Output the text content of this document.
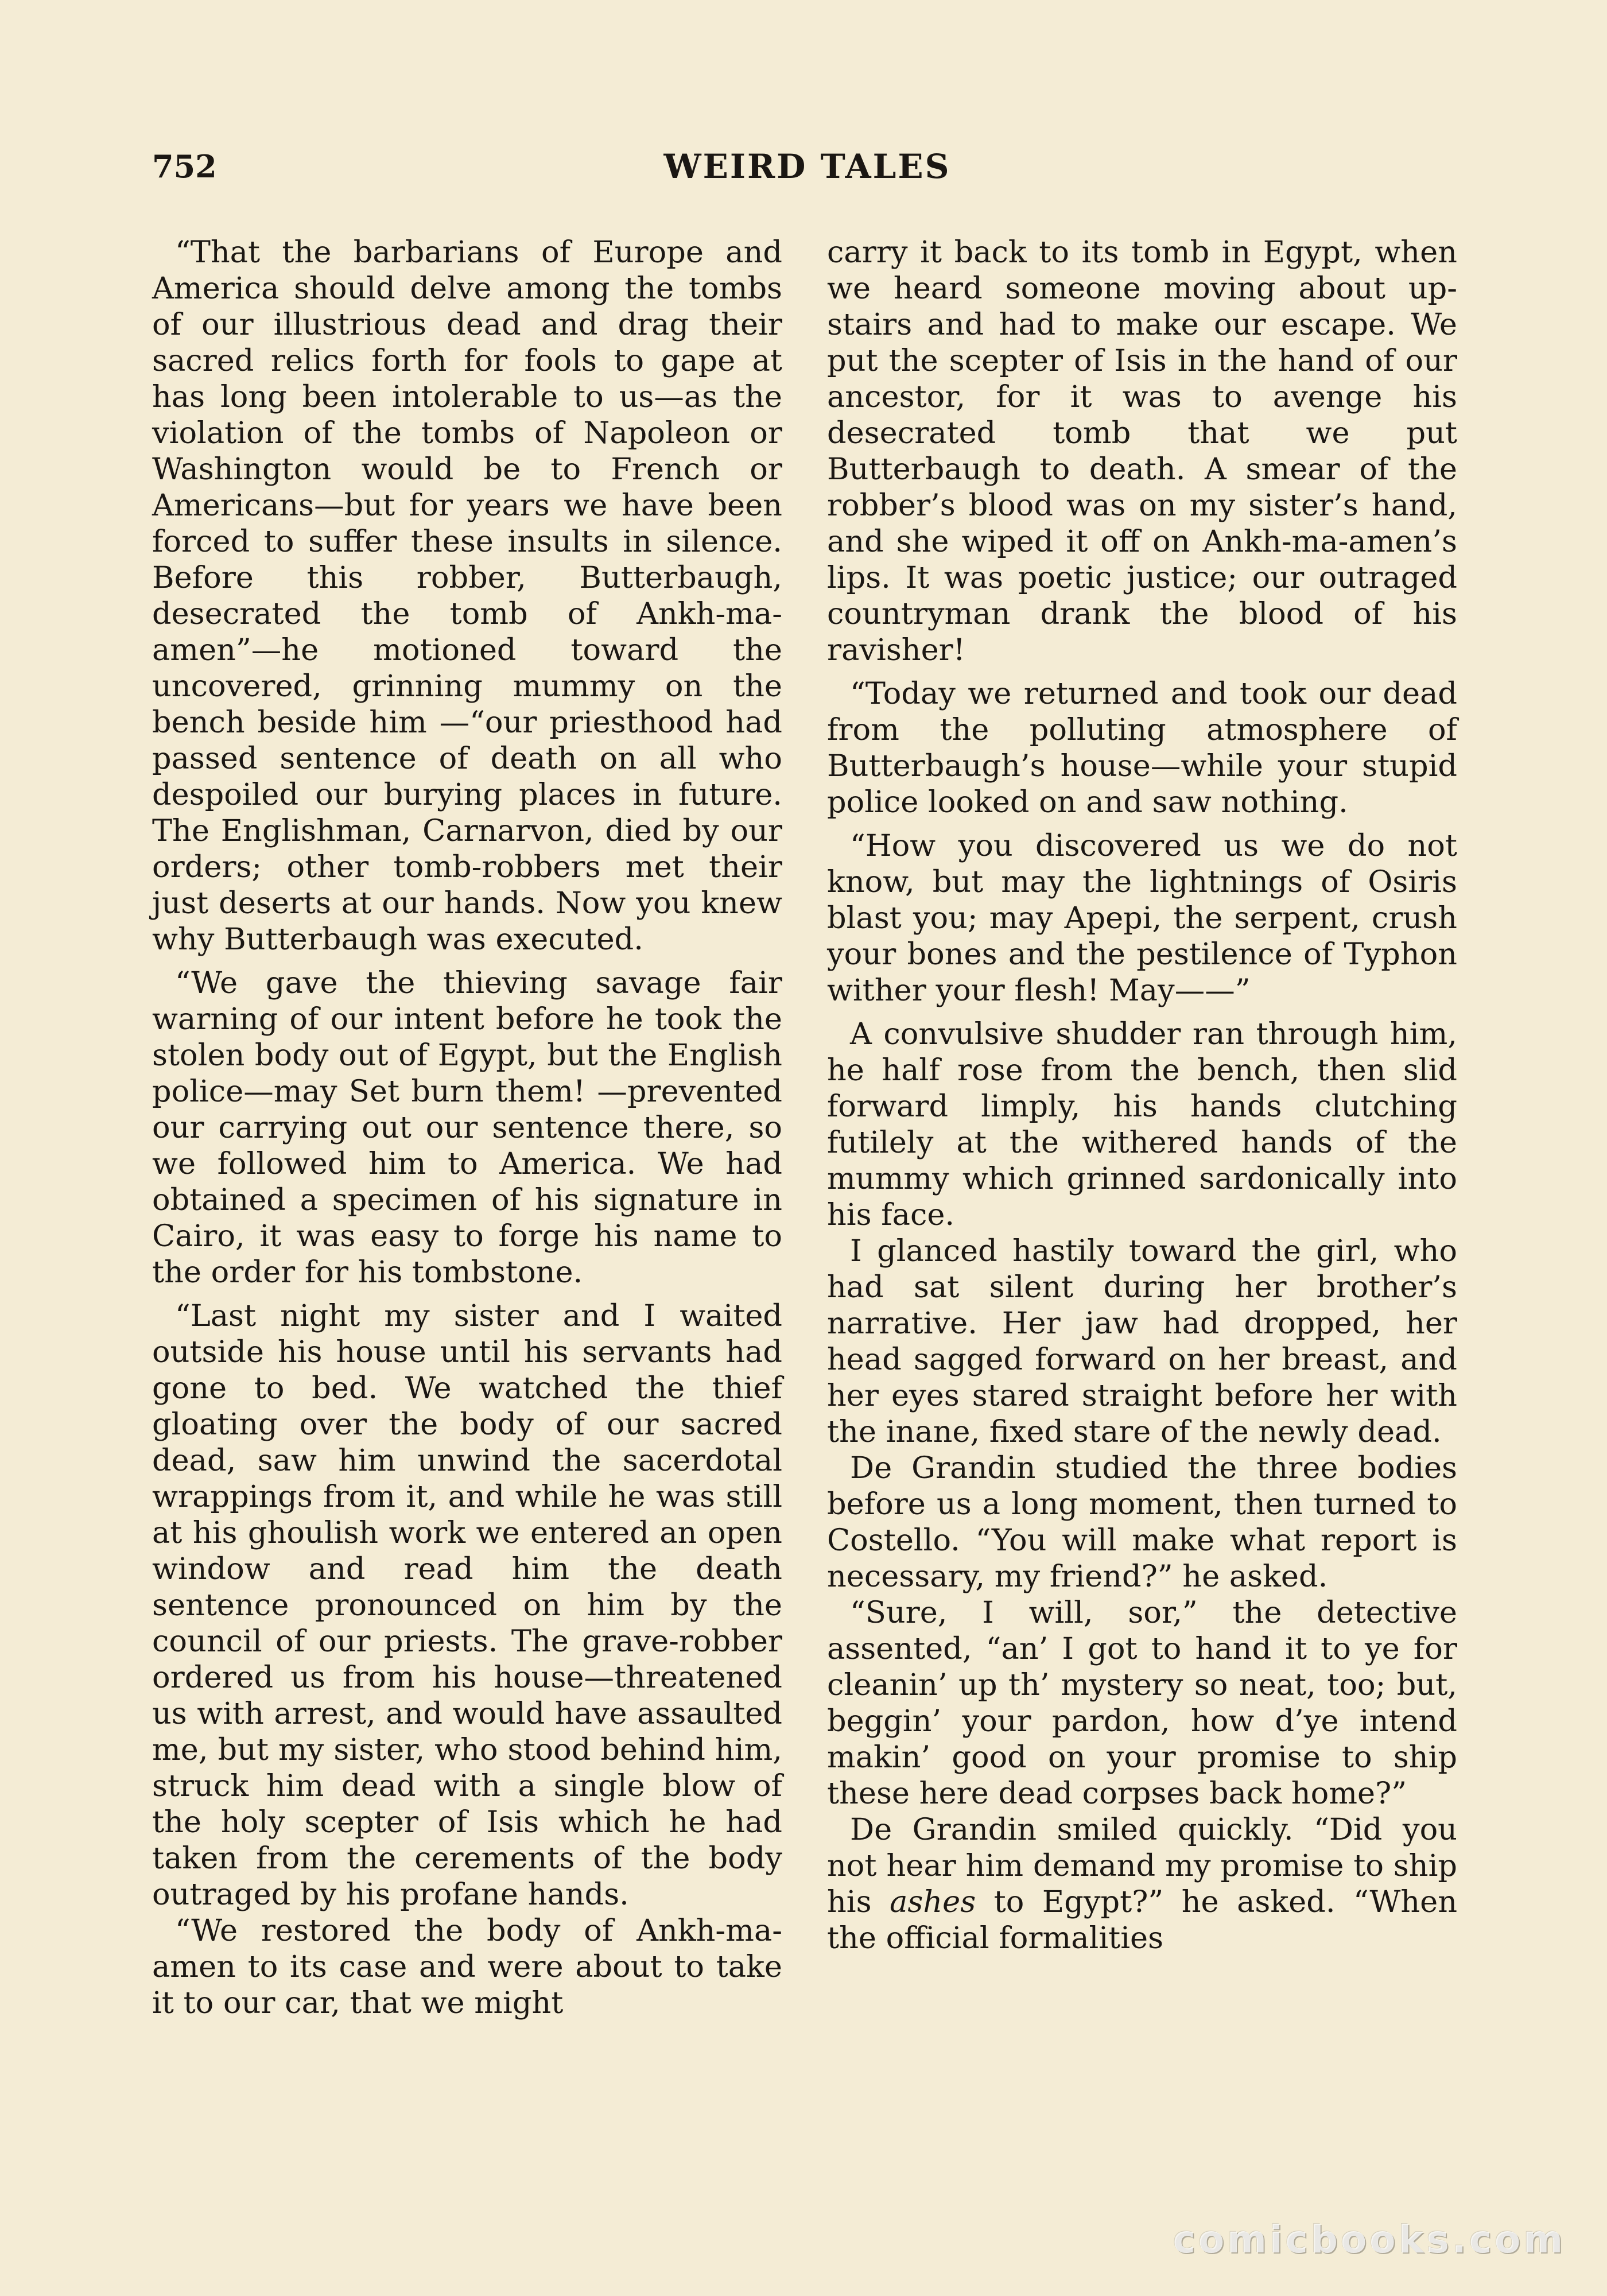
752	WEIRD TALES

“That the barbarians of Europe and America should delve among the tombs of our illustrious dead and drag their sacred relics forth for fools to gape at has long been intolerable to us—as the violation of the tombs of Napoleon or Washington would be to French or Americans—but for years we have been forced to suffer these insults in silence. Before this robber, Butterbaugh, desecrated the tomb of Ankh-ma-amen”—he motioned toward the uncovered, grinning mummy on the bench beside him —“our priesthood had passed sentence of death on all who despoiled our burying places in future. The Englishman, Carnarvon, died by our orders; other tomb-robbers met their just deserts at our hands. Now you knew why Butterbaugh was executed.

“We gave the thieving savage fair warning of our intent before he took the stolen body out of Egypt, but the English police—may Set burn them! —prevented our carrying out our sentence there, so we followed him to America. We had obtained a specimen of his signature in Cairo, it was easy to forge his name to the order for his tombstone.

“Last night my sister and I waited outside his house until his servants had gone to bed. We watched the thief gloating over the body of our sacred dead, saw him unwind the sacerdotal wrappings from it, and while he was still at his ghoulish work we entered an open window and read him the death sentence pronounced on him by the council of our priests. The grave-robber ordered us from his house—threatened us with arrest, and would have assaulted me, but my sister, who stood behind him, struck him dead with a single blow of the holy scepter of Isis which he had taken from the cerements of the body outraged by his profane hands.

“We restored the body of Ankh-ma-amen to its case and were about to take it to our car, that we might

carry it back to its tomb in Egypt, when we heard someone moving about up-stairs and had to make our escape. We put the scepter of Isis in the hand of our ancestor, for it was to avenge his desecrated tomb that we put Butterbaugh to death. A smear of the robber’s blood was on my sister’s hand, and she wiped it off on Ankh-ma-amen’s lips. It was poetic justice; our outraged countryman drank the blood of his ravisher!

“Today we returned and took our dead from the polluting atmosphere of Butterbaugh’s house—while your stupid police looked on and saw nothing.

“How you discovered us we do not know, but may the lightnings of Osiris blast you; may Apepi, the serpent, crush your bones and the pestilence of Typhon wither your flesh! May——”

A convulsive shudder ran through him, he half rose from the bench, then slid forward limply, his hands clutching futilely at the withered hands of the mummy which grinned sardonically into his face.

I glanced hastily toward the girl, who had sat silent during her brother’s narrative. Her jaw had dropped, her head sagged forward on her breast, and her eyes stared straight before her with the inane, fixed stare of the newly dead.

De Grandin studied the three bodies before us a long moment, then turned to Costello. “You will make what report is necessary, my friend?” he asked.

“Sure, I will, sor,” the detective assented, “an’ I got to hand it to ye for cleanin’ up th’ mystery so neat, too; but, beggin’ your pardon, how d’ye intend makin’ good on your promise to ship these here dead corpses back home?”

De Grandin smiled quickly. “Did you not hear him demand my promise to ship his ashes to Egypt?” he asked. “When the official formalities

comicbooks.com
